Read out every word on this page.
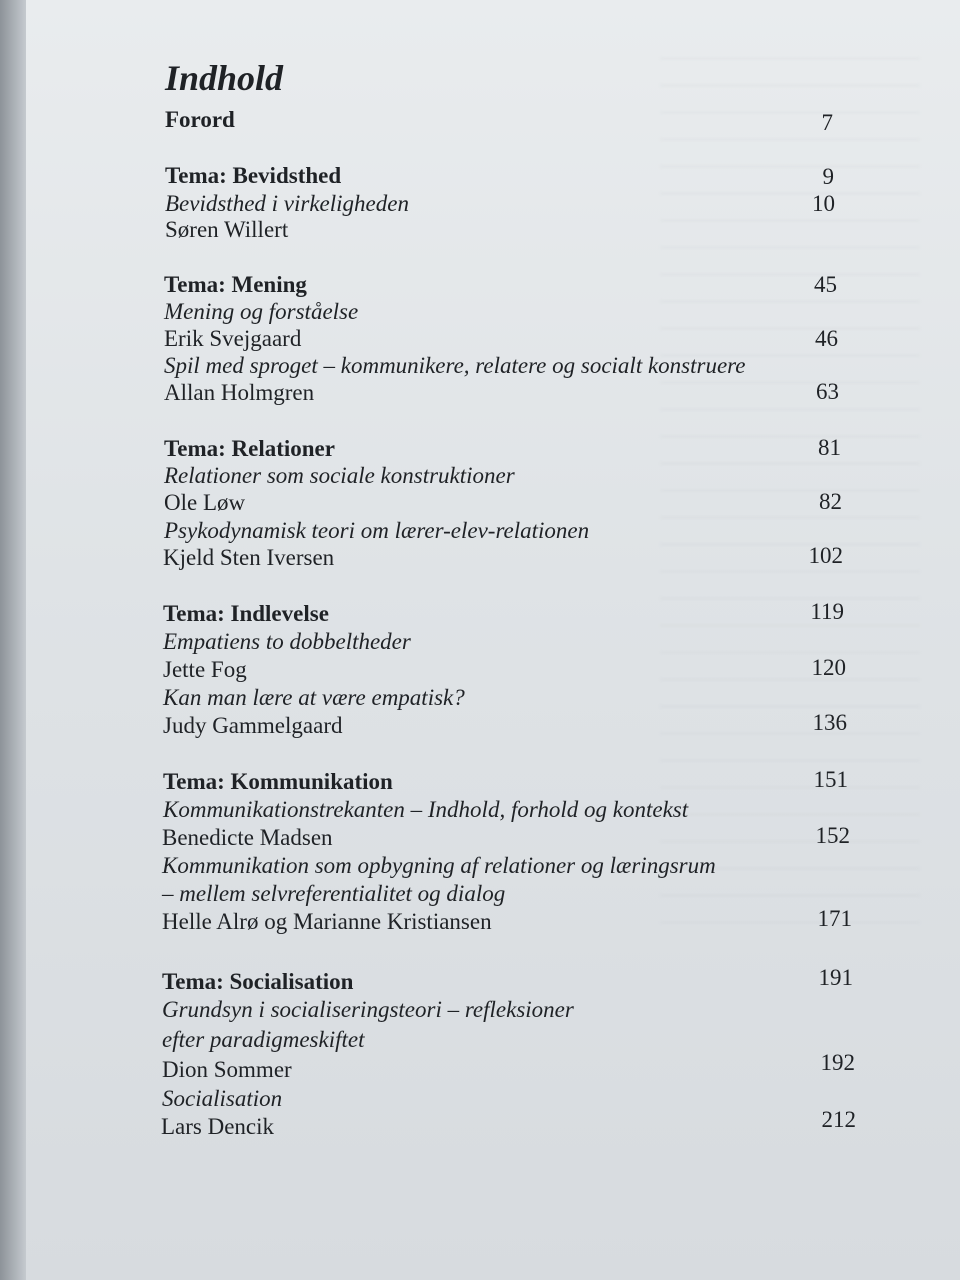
Indhold
Forord	7
Tema: Bevidsthed	9
Bevidsthed i virkeligheden	10
Søren Willert
Tema: Mening	45
Mening og forståelse
Erik Svejgaard	46
Spil med sproget – kommunikere, relatere og socialt konstruere
Allan Holmgren	63
Tema: Relationer	81
Relationer som sociale konstruktioner
Ole Løw	82
Psykodynamisk teori om lærer-elev-relationen
Kjeld Sten Iversen	102
Tema: Indlevelse	119
Empatiens to dobbeltheder
Jette Fog	120
Kan man lære at være empatisk?
Judy Gammelgaard	136
Tema: Kommunikation	151
Kommunikationstrekanten – Indhold, forhold og kontekst
Benedicte Madsen	152
Kommunikation som opbygning af relationer og læringsrum
– mellem selvreferentialitet og dialog
Helle Alrø og Marianne Kristiansen	171
Tema: Socialisation	191
Grundsyn i socialiseringsteori – refleksioner
efter paradigmeskiftet
Dion Sommer	192
Socialisation
Lars Dencik	212
